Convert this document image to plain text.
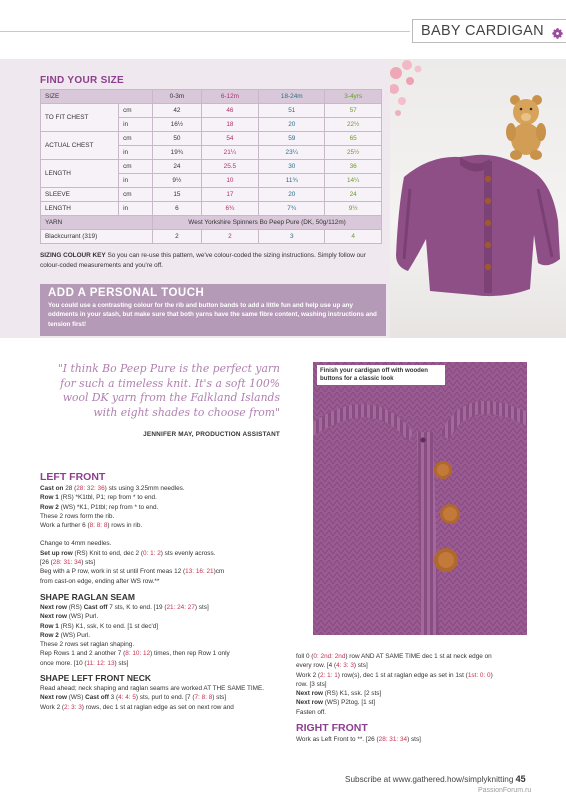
BABY CARDIGAN
FIND YOUR SIZE
SIZE		0-3m	6-12m	18-24m	3-4yrs
TO FIT CHEST	cm	42	46	51	57
	in	16½	18	20	22½
ACTUAL CHEST	cm	50	54	59	65
	in	19¾	21¼	23¼	25½
LENGTH	cm	24	25.5	30	36
	in	9½	10	11¾	14¼
SLEEVE	cm	15	17	20	24
LENGTH	in	6	6¾	7¾	9½
YARN		West Yorkshire Spinners Bo Peep Pure (DK, 50g/112m)			
Blackcurrant (319)		2	2	3	4
SIZING COLOUR KEY So you can re-use this pattern, we've colour-coded the sizing instructions. Simply follow our colour-coded measurements and you're off.
ADD A PERSONAL TOUCH
You could use a contrasting colour for the rib and button bands to add a little fun and help use up any oddments in your stash, but make sure that both yarns have the same fibre content, washing instructions and tension first!
"I think Bo Peep Pure is the perfect yarn for such a timeless knit. It's a soft 100% wool DK yarn from the Falkland Islands with eight shades to choose from"
JENNIFER MAY, PRODUCTION ASSISTANT
LEFT FRONT
Cast on 28 (28: 32: 36) sts using 3.25mm needles.
Row 1 (RS) *K1tbl, P1; rep from * to end.
Row 2 (WS) *K1, P1tbl; rep from * to end.
These 2 rows form the rib.
Work a further 6 (8: 8: 8) rows in rib.
Change to 4mm needles.
Set up row (RS) Knit to end, dec 2 (0: 1: 2) sts evenly across.
[26 (28: 31: 34) sts]
Beg with a P row, work in st st until Front meas 12 (13: 16: 21)cm
from cast-on edge, ending after WS row.**
SHAPE RAGLAN SEAM
Next row (RS) Cast off 7 sts, K to end. [19 (21: 24: 27) sts]
Next row (WS) Purl.
Row 1 (RS) K1, ssk, K to end. [1 st dec'd]
Row 2 (WS) Purl.
These 2 rows set raglan shaping.
Rep Rows 1 and 2 another 7 (8: 10: 12) times, then rep Row 1 only
once more. [10 (11: 12: 13) sts]
SHAPE LEFT FRONT NECK
Read ahead; neck shaping and raglan seams are worked AT THE SAME TIME.
Next row (WS) Cast off 3 (4: 4: 5) sts, purl to end. [7 (7: 8: 8) sts]
Work 2 (2: 3: 3) rows, dec 1 st at raglan edge as set on next row and
Finish your cardigan off with wooden buttons for a classic look
foll 0 (0: 2nd: 2nd) row AND AT SAME TIME dec 1 st at neck edge on
every row. [4 (4: 3: 3) sts]
Work 2 (2: 1: 1) row(s), dec 1 st at raglan edge as set in 1st (1st: 0: 0)
row. [3 sts]
Next row (RS) K1, ssk. [2 sts]
Next row (WS) P2tog. [1 st]
Fasten off.
RIGHT FRONT
Work as Left Front to **. [26 (28: 31: 34) sts]
Subscribe at www.gathered.how/simplyknitting 45
PassionForum.ru
